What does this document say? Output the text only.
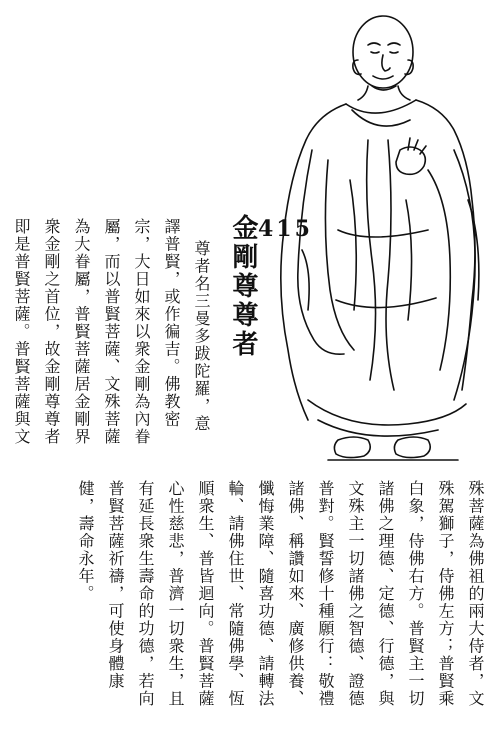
415
金剛尊尊者
尊者名三曼多跋陀羅，意
譯普賢，或作徧吉。佛教密
宗，大日如來以衆金剛為內眷
屬，而以普賢菩薩、文殊菩薩
為大眷屬，普賢菩薩居金剛界
衆金剛之首位，故金剛尊尊者
即是普賢菩薩。普賢菩薩與文
殊菩薩為佛祖的兩大侍者，文
殊駕獅子，侍佛左方；普賢乘
白象，侍佛右方。普賢主一切
諸佛之理德、定德、行德，與
文殊主一切諸佛之智德、證德
普對。賢誓修十種願行：敬禮
諸佛、稱讚如來、廣修供養、
懺悔業障、隨喜功德、請轉法
輪、請佛住世、常隨佛學、恆
順衆生、普皆迴向。普賢菩薩
心性慈悲，普濟一切衆生，且
有延長衆生壽命的功德，若向
普賢菩薩祈禱，可使身體康
健，壽命永年。
